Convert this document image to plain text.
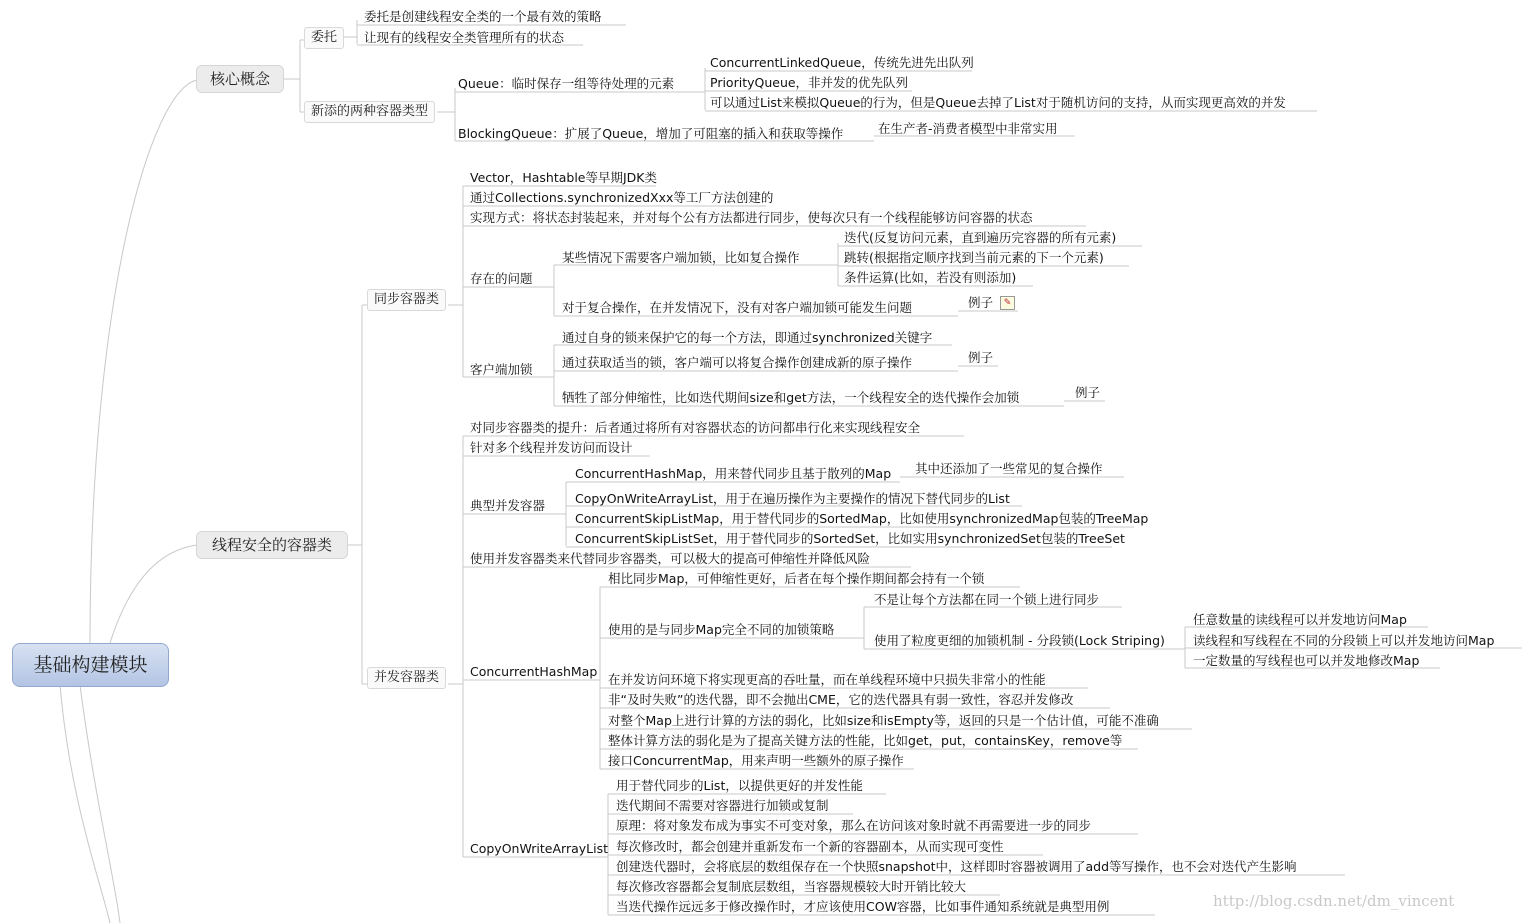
基础构建模块
核心概念
委托
委托是创建线程安全类的一个最有效的策略
让现有的线程安全类管理所有的状态
新添的两种容器类型
Queue：临时保存一组等待处理的元素
ConcurrentLinkedQueue，传统先进先出队列
PriorityQueue，非并发的优先队列
可以通过List来模拟Queue的行为，但是Queue去掉了List对于随机访问的支持，从而实现更高效的并发
BlockingQueue：扩展了Queue，增加了可阻塞的插入和获取等操作	在生产者-消费者模型中非常实用
线程安全的容器类
同步容器类
Vector，Hashtable等早期JDK类
通过Collections.synchronizedXxx等工厂方法创建的
实现方式：将状态封装起来，并对每个公有方法都进行同步，使每次只有一个线程能够访问容器的状态
存在的问题
某些情况下需要客户端加锁，比如复合操作
迭代(反复访问元素，直到遍历完容器的所有元素)
跳转(根据指定顺序找到当前元素的下一个元素)
条件运算(比如，若没有则添加)
对于复合操作，在并发情况下，没有对客户端加锁可能发生问题	例子	✎
客户端加锁
通过自身的锁来保护它的每一个方法，即通过synchronized关键字
通过获取适当的锁，客户端可以将复合操作创建成新的原子操作	例子
牺牲了部分伸缩性，比如迭代期间size和get方法，一个线程安全的迭代操作会加锁	例子
并发容器类
对同步容器类的提升：后者通过将所有对容器状态的访问都串行化来实现线程安全
针对多个线程并发访问而设计
典型并发容器
ConcurrentHashMap，用来替代同步且基于散列的Map 其中还添加了一些常见的复合操作
CopyOnWriteArrayList，用于在遍历操作为主要操作的情况下替代同步的List
ConcurrentSkipListMap，用于替代同步的SortedMap，比如使用synchronizedMap包装的TreeMap
ConcurrentSkipListSet，用于替代同步的SortedSet，比如实用synchronizedSet包装的TreeSet
使用并发容器类来代替同步容器类，可以极大的提高可伸缩性并降低风险
ConcurrentHashMap
相比同步Map，可伸缩性更好，后者在每个操作期间都会持有一个锁
使用的是与同步Map完全不同的加锁策略
不是让每个方法都在同一个锁上进行同步
使用了粒度更细的加锁机制 - 分段锁(Lock Striping)
任意数量的读线程可以并发地访问Map
读线程和写线程在不同的分段锁上可以并发地访问Map
一定数量的写线程也可以并发地修改Map
在并发访问环境下将实现更高的吞吐量，而在单线程环境中只损失非常小的性能
非“及时失败”的迭代器，即不会抛出CME，它的迭代器具有弱一致性，容忍并发修改
对整个Map上进行计算的方法的弱化，比如size和isEmpty等，返回的只是一个估计值，可能不准确
整体计算方法的弱化是为了提高关键方法的性能，比如get，put，containsKey，remove等
接口ConcurrentMap，用来声明一些额外的原子操作
CopyOnWriteArrayList
用于替代同步的List，以提供更好的并发性能
迭代期间不需要对容器进行加锁或复制
原理：将对象发布成为事实不可变对象，那么在访问该对象时就不再需要进一步的同步
每次修改时，都会创建并重新发布一个新的容器副本，从而实现可变性
创建迭代器时，会将底层的数组保存在一个快照snapshot中，这样即时容器被调用了add等写操作，也不会对迭代产生影响
每次修改容器都会复制底层数组，当容器规模较大时开销比较大
当迭代操作远远多于修改操作时，才应该使用COW容器，比如事件通知系统就是典型用例	http://blog.csdn.net/dm_vincent
